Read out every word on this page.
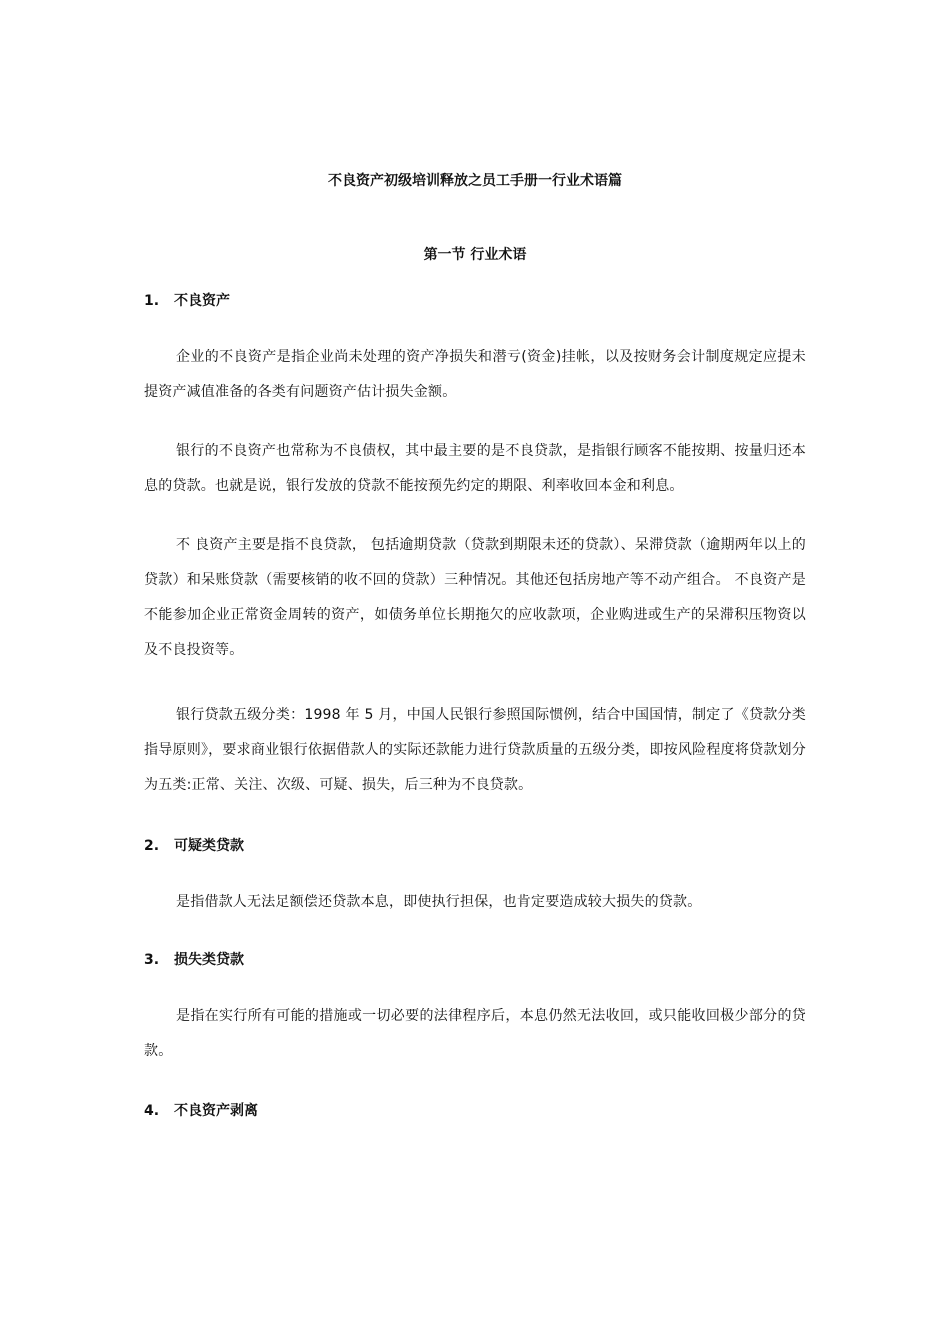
不良资产初级培训释放之员工手册一行业术语篇
第一节 行业术语
1. 不良资产

企业的不良资产是指企业尚未处理的资产净损失和潜亏(资金)挂帐，以及按财务会计制度规定应提未提资产减值准备的各类有问题资产估计损失金额。

银行的不良资产也常称为不良债权，其中最主要的是不良贷款，是指银行顾客不能按期、按量归还本息的贷款。也就是说，银行发放的贷款不能按预先约定的期限、利率收回本金和利息。

不 良资产主要是指不良贷款， 包括逾期贷款（贷款到期限未还的贷款）、呆滞贷款（逾期两年以上的贷款）和呆账贷款（需要核销的收不回的贷款）三种情况。其他还包括房地产等不动产组合。 不良资产是不能参加企业正常资金周转的资产，如债务单位长期拖欠的应收款项，企业购进或生产的呆滞积压物资以及不良投资等。

银行贷款五级分类：1998 年 5 月，中国人民银行参照国际惯例，结合中国国情，制定了《贷款分类指导原则》，要求商业银行依据借款人的实际还款能力进行贷款质量的五级分类，即按风险程度将贷款划分为五类:正常、关注、次级、可疑、损失，后三种为不良贷款。

2. 可疑类贷款

是指借款人无法足额偿还贷款本息，即使执行担保，也肯定要造成较大损失的贷款。

3. 损失类贷款

是指在实行所有可能的措施或一切必要的法律程序后，本息仍然无法收回，或只能收回极少部分的贷款。

4. 不良资产剥离
